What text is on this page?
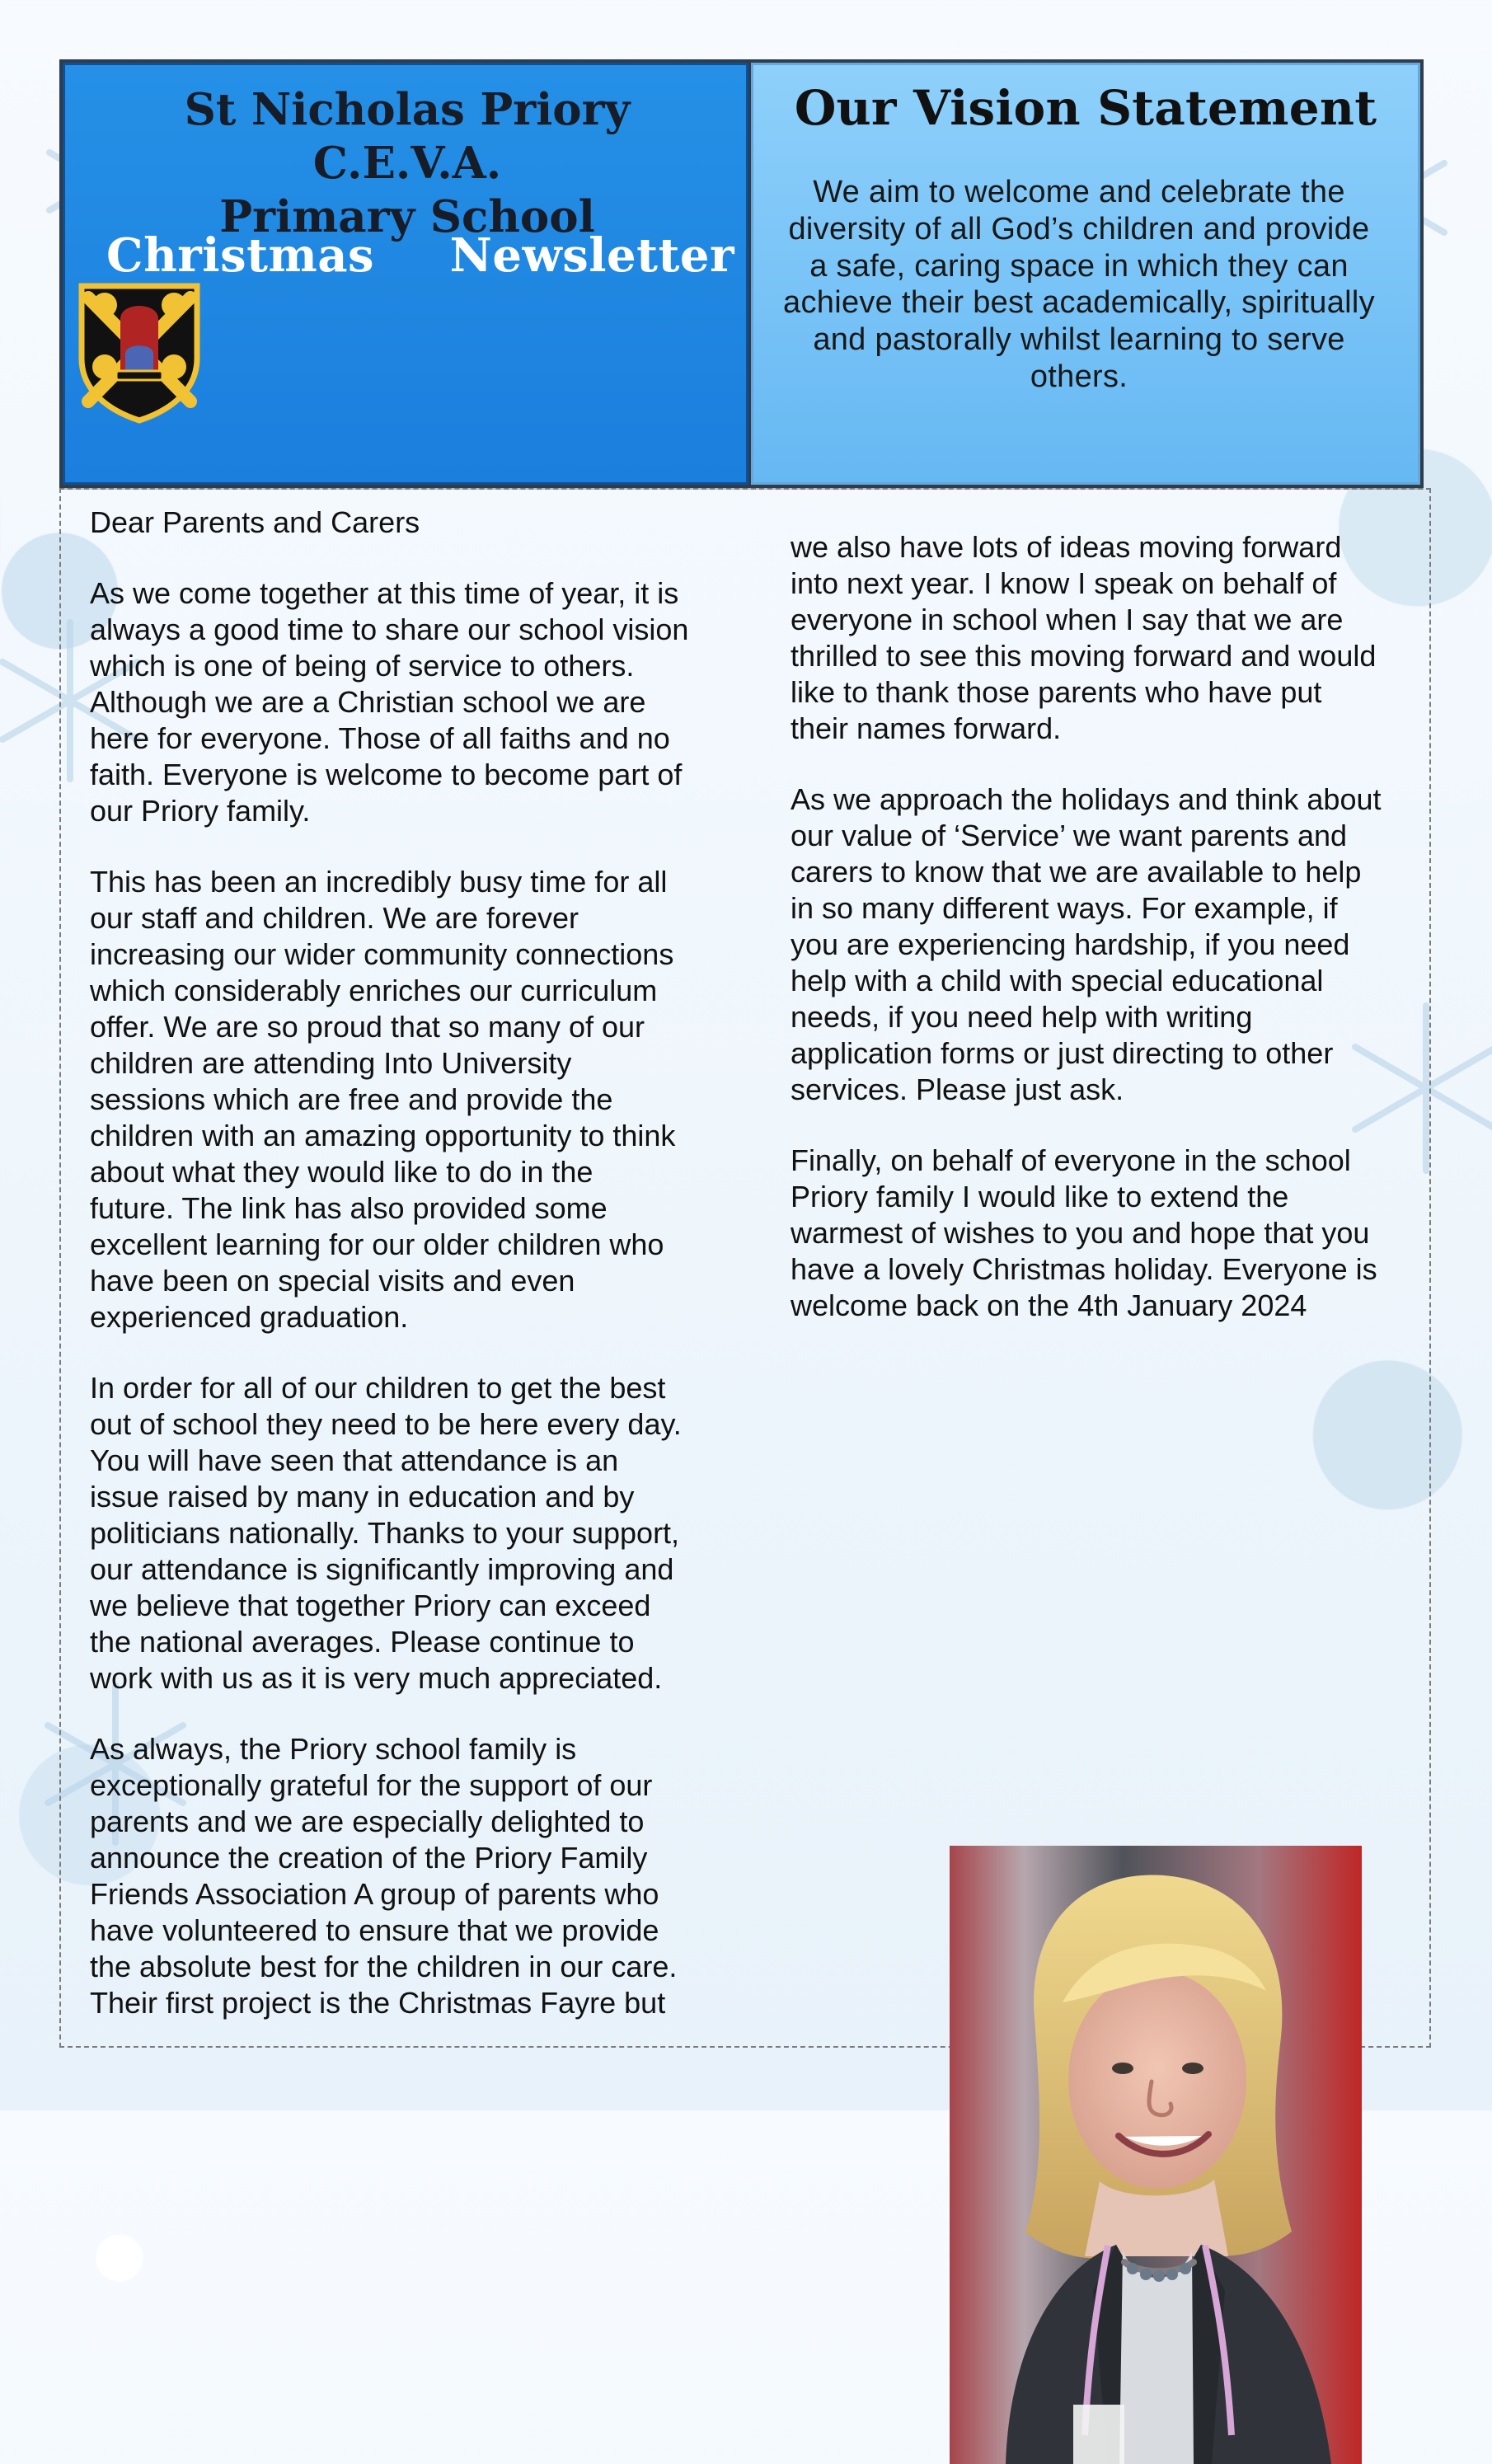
St Nicholas Priory C.E.V.A.
Primary School
Christmas Newsletter
Our Vision Statement
We aim to welcome and celebrate the diversity of all God’s children and provide a safe, caring space in which they can achieve their best academically, spiritually and pastorally whilst learning to serve others.

Dear Parents and Carers

As we come together at this time of year, it is
always a good time to share our school vision
which is one of being of service to others.
Although we are a Christian school we are
here for everyone. Those of all faiths and no
faith. Everyone is welcome to become part of
our Priory family.

This has been an incredibly busy time for all
our staff and children. We are forever
increasing our wider community connections
which considerably enriches our curriculum
offer. We are so proud that so many of our
children are attending Into University
sessions which are free and provide the
children with an amazing opportunity to think
about what they would like to do in the
future. The link has also provided some
excellent learning for our older children who
have been on special visits and even
experienced graduation.

In order for all of our children to get the best
out of school they need to be here every day.
You will have seen that attendance is an
issue raised by many in education and by
politicians nationally. Thanks to your support,
our attendance is significantly improving and
we believe that together Priory can exceed
the national averages. Please continue to
work with us as it is very much appreciated.

As always, the Priory school family is
exceptionally grateful for the support of our
parents and we are especially delighted to
announce the creation of the Priory Family
Friends Association A group of parents who
have volunteered to ensure that we provide
the absolute best for the children in our care.
Their first project is the Christmas Fayre but

we also have lots of ideas moving forward
into next year. I know I speak on behalf of
everyone in school when I say that we are
thrilled to see this moving forward and would
like to thank those parents who have put
their names forward.

As we approach the holidays and think about
our value of ‘Service’ we want parents and
carers to know that we are available to help
in so many different ways. For example, if
you are experiencing hardship, if you need
help with a child with special educational
needs, if you need help with writing
application forms or just directing to other
services. Please just ask.

Finally, on behalf of everyone in the school
Priory family I would like to extend the
warmest of wishes to you and hope that you
have a lovely Christmas holiday. Everyone is
welcome back on the 4th January 2024
